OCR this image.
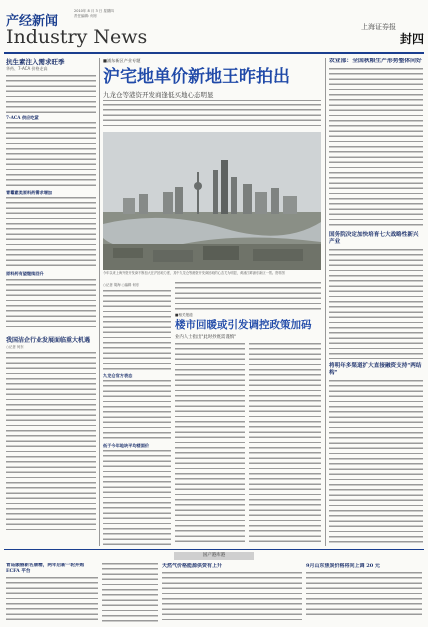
产经新闻
Industry News
2010年 8 月 3 日 星期四
责任编辑: 何东
上海证券报
封四
抗生素注入需求旺季
华药、7-ACA 价格走高
7-ACA 供应吃紧
青霉素类原料药需求增加
原料药有望继续回升
我国洁企行业发展面临重大机遇
○记者 何东
■浦东新区产业专题
沪宅地单价新地王昨拍出
九龙仓等港资开发商逢低买地心态明显
今年以来上海外资开发商不断加大在沪拍地力度，其中九龙仓等港资开发商拍地的心态尤为明显，黄浦江畔浦东新区一景。资料图
○记者 胡海 ○编辑 何东
九龙仓官方表态
低于今年地块平均楼面价
■相关报道
楼市回暖或引发调控政策加码
业内人士指出"此时抄底需谨慎"
农业部：全国秋粮生产形势整体向好
国务院决定加快培育七大战略性新兴产业
将明年多渠道扩大直接融资支持"两结构"
国产港库港
青岛颐丽新名康精，两年后新一轮并购 ECFA 平台
天然气价格能源供资有上升	9月山东焦炭价格将向上调 20 元
